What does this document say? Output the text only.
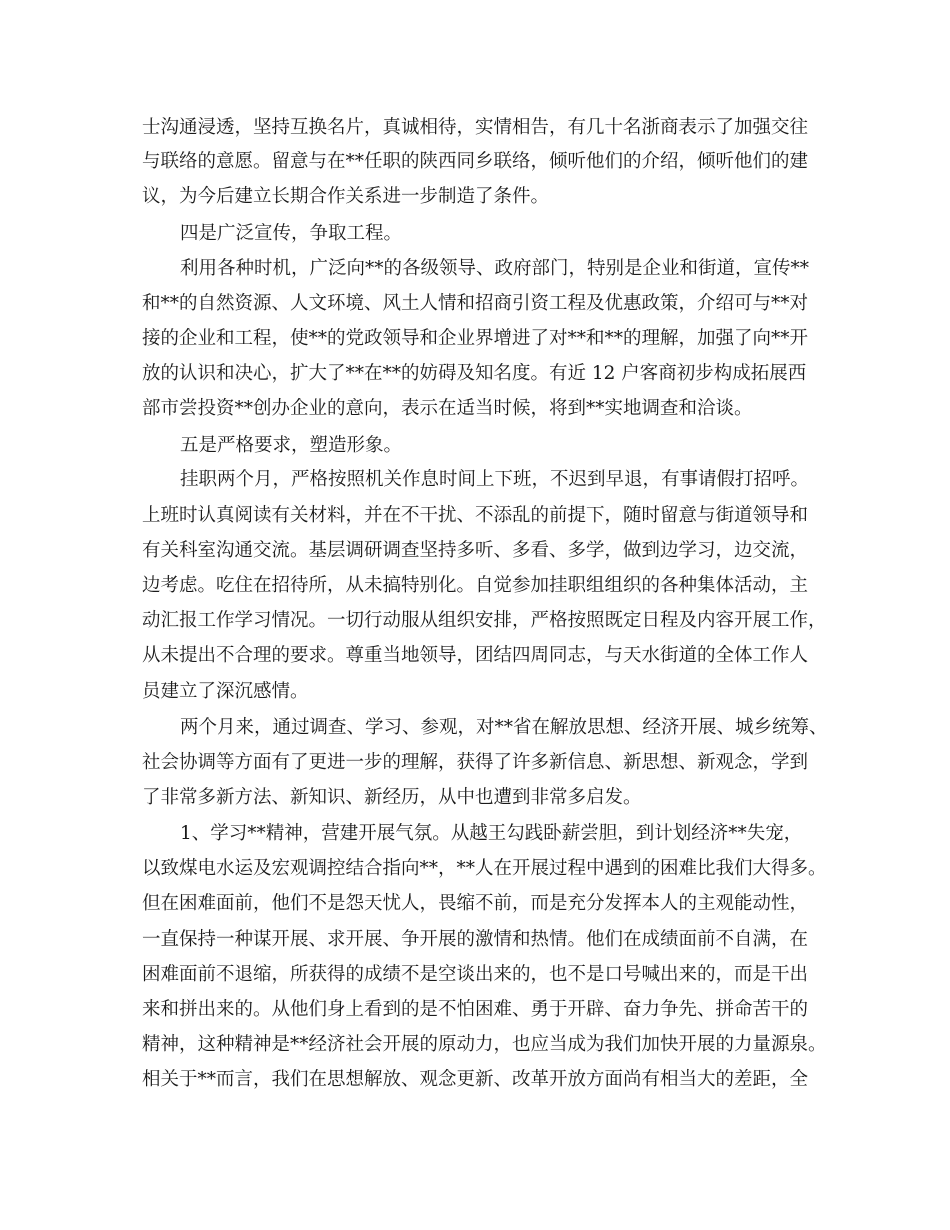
士沟通浸透，坚持互换名片，真诚相待，实情相告，有几十名浙商表示了加强交往
与联络的意愿。留意与在**任职的陕西同乡联络，倾听他们的介绍，倾听他们的建
议，为今后建立长期合作关系进一步制造了条件。
四是广泛宣传，争取工程。
利用各种时机，广泛向**的各级领导、政府部门，特别是企业和街道，宣传**
和**的自然资源、人文环境、风土人情和招商引资工程及优惠政策，介绍可与**对
接的企业和工程，使**的党政领导和企业界增进了对**和**的理解，加强了向**开
放的认识和决心，扩大了**在**的妨碍及知名度。有近 12 户客商初步构成拓展西
部市尝投资**创办企业的意向，表示在适当时候，将到**实地调查和洽谈。
五是严格要求，塑造形象。
挂职两个月，严格按照机关作息时间上下班，不迟到早退，有事请假打招呼。
上班时认真阅读有关材料，并在不干扰、不添乱的前提下，随时留意与街道领导和
有关科室沟通交流。基层调研调查坚持多听、多看、多学，做到边学习，边交流，
边考虑。吃住在招待所，从未搞特别化。自觉参加挂职组组织的各种集体活动，主
动汇报工作学习情况。一切行动服从组织安排，严格按照既定日程及内容开展工作，
从未提出不合理的要求。尊重当地领导，团结四周同志，与天水街道的全体工作人
员建立了深沉感情。
两个月来，通过调查、学习、参观，对**省在解放思想、经济开展、城乡统筹、
社会协调等方面有了更进一步的理解，获得了许多新信息、新思想、新观念，学到
了非常多新方法、新知识、新经历，从中也遭到非常多启发。
1、学习**精神，营建开展气氛。从越王勾践卧薪尝胆，到计划经济**失宠，
以致煤电水运及宏观调控结合指向**，**人在开展过程中遇到的困难比我们大得多。
但在困难面前，他们不是怨天忧人，畏缩不前，而是充分发挥本人的主观能动性，
一直保持一种谋开展、求开展、争开展的激情和热情。他们在成绩面前不自满，在
困难面前不退缩，所获得的成绩不是空谈出来的，也不是口号喊出来的，而是干出
来和拼出来的。从他们身上看到的是不怕困难、勇于开辟、奋力争先、拼命苦干的
精神，这种精神是**经济社会开展的原动力，也应当成为我们加快开展的力量源泉。
相关于**而言，我们在思想解放、观念更新、改革开放方面尚有相当大的差距，全
